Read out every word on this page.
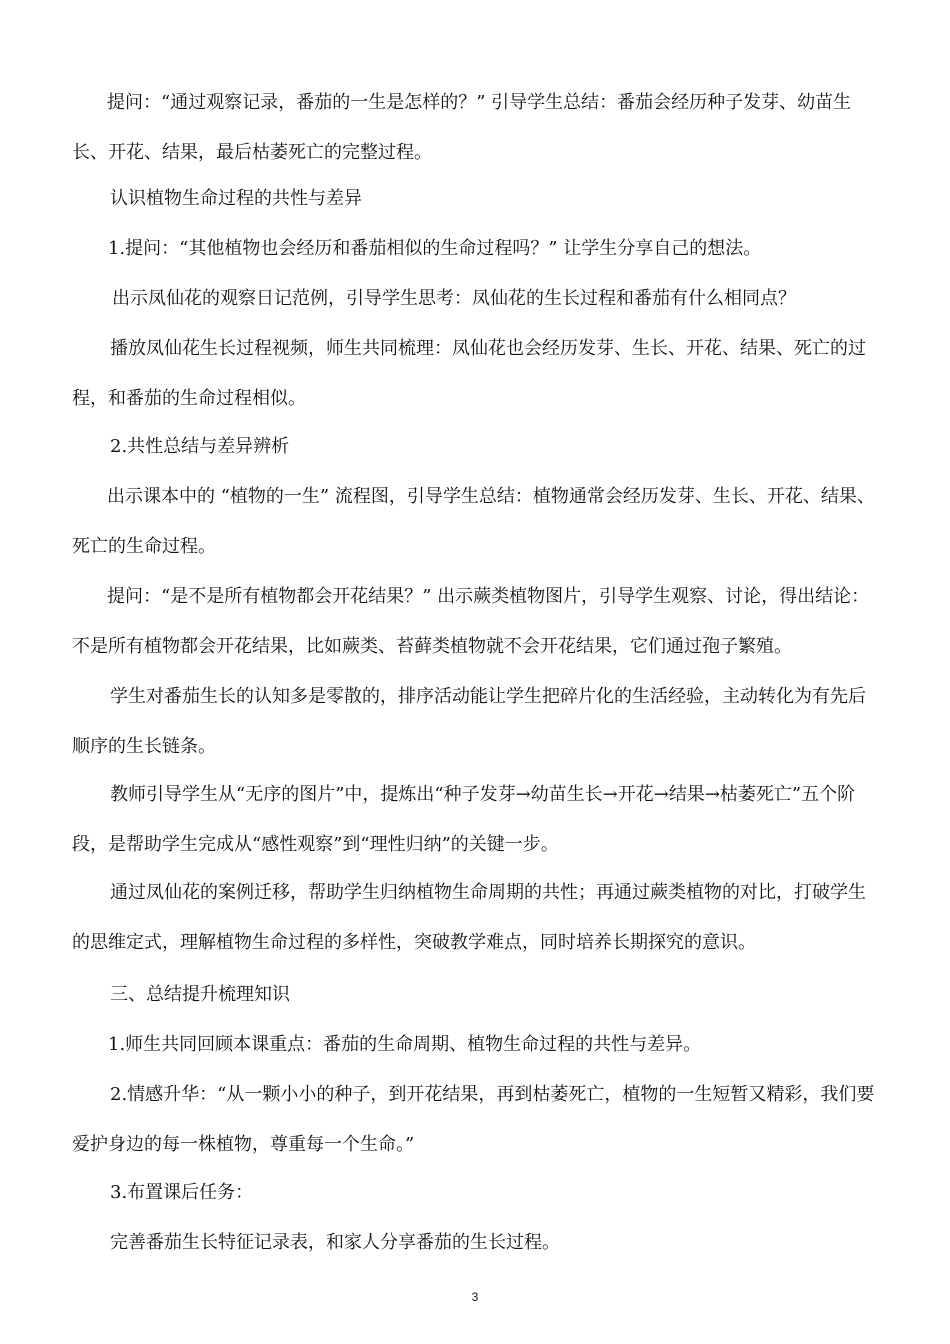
提问：“通过观察记录，番茄的一生是怎样的？” 引导学生总结：番茄会经历种子发芽、幼苗生长、开花、结果，最后枯萎死亡的完整过程。

认识植物生命过程的共性与差异

1.提问：“其他植物也会经历和番茄相似的生命过程吗？” 让学生分享自己的想法。

出示凤仙花的观察日记范例，引导学生思考：凤仙花的生长过程和番茄有什么相同点？

播放凤仙花生长过程视频，师生共同梳理：凤仙花也会经历发芽、生长、开花、结果、死亡的过程，和番茄的生命过程相似。

2.共性总结与差异辨析

出示课本中的 “植物的一生” 流程图，引导学生总结：植物通常会经历发芽、生长、开花、结果、死亡的生命过程。

提问：“是不是所有植物都会开花结果？” 出示蕨类植物图片，引导学生观察、讨论，得出结论：不是所有植物都会开花结果，比如蕨类、苔藓类植物就不会开花结果，它们通过孢子繁殖。

学生对番茄生长的认知多是零散的，排序活动能让学生把碎片化的生活经验，主动转化为有先后顺序的生长链条。

教师引导学生从“无序的图片”中，提炼出“种子发芽→幼苗生长→开花→结果→枯萎死亡”五个阶段，是帮助学生完成从“感性观察”到“理性归纳”的关键一步。

通过凤仙花的案例迁移，帮助学生归纳植物生命周期的共性；再通过蕨类植物的对比，打破学生的思维定式，理解植物生命过程的多样性，突破教学难点，同时培养长期探究的意识。

三、总结提升梳理知识

1.师生共同回顾本课重点：番茄的生命周期、植物生命过程的共性与差异。

2.情感升华：“从一颗小小的种子，到开花结果，再到枯萎死亡，植物的一生短暂又精彩，我们要爱护身边的每一株植物，尊重每一个生命。”

3.布置课后任务：

完善番茄生长特征记录表，和家人分享番茄的生长过程。

3
